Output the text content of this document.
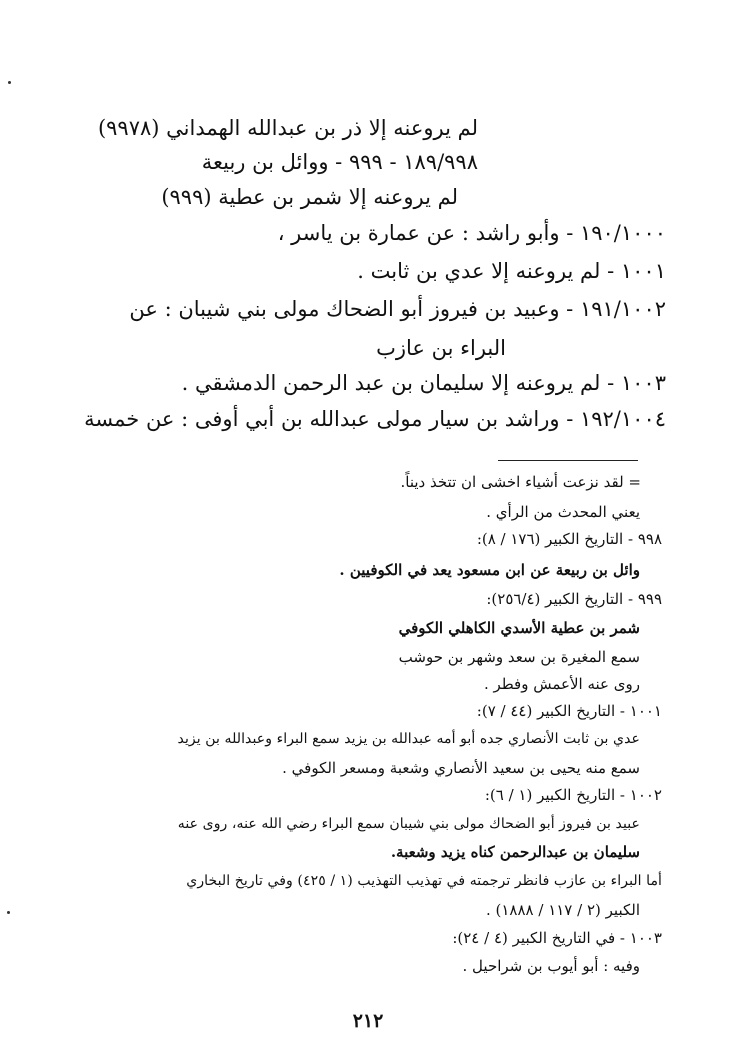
لم يروعنه إلا ذر بن عبدالله الهمداني (٩٩٧٨)
١٨٩/٩٩٨ - ٩٩٩ - ووائل بن ربيعة
لم يروعنه إلا شمر بن عطية (٩٩٩)
١٩٠/١٠٠٠ - وأبو راشد : عن عمارة بن ياسر ،
١٠٠١ - لم يروعنه إلا عدي بن ثابت .
١٩١/١٠٠٢ - وعبيد بن فيروز أبو الضحاك مولى بني شيبان : عن
البراء بن عازب
١٠٠٣ - لم يروعنه إلا سليمان بن عبد الرحمن الدمشقي .
١٩٢/١٠٠٤ - وراشد بن سيار مولى عبدالله بن أبي أوفى : عن خمسة
= لقد نزعت أشياء اخشى ان تتخذ ديناً.
يعني المحدث من الرأي .
٩٩٨ - التاريخ الكبير (١٧٦ / ٨):
وائل بن ربيعة عن ابن مسعود يعد في الكوفيين .
٩٩٩ - التاريخ الكبير (٢٥٦/٤):
شمر بن عطية الأسدي الكاهلي الكوفي
سمع المغيرة بن سعد وشهر بن حوشب
روى عنه الأعمش وفطر .
١٠٠١ - التاريخ الكبير (٤٤ / ٧):
عدي بن ثابت الأنصاري جده أبو أمه عبدالله بن يزيد سمع البراء وعبدالله بن يزيد
سمع منه يحيى بن سعيد الأنصاري وشعبة ومسعر الكوفي .
١٠٠٢ - التاريخ الكبير (١ / ٦):
عبيد بن فيروز أبو الضحاك مولى بني شيبان سمع البراء رضي الله عنه، روى عنه
سليمان بن عبدالرحمن كناه يزيد وشعبة.
أما البراء بن عازب فانظر ترجمته في تهذيب التهذيب (١ / ٤٢٥) وفي تاريخ البخاري
الكبير (٢ / ١١٧ / ١٨٨٨) .
١٠٠٣ - في التاريخ الكبير (٤ / ٢٤):
وفيه : أبو أيوب بن شراحيل .
٢١٢
